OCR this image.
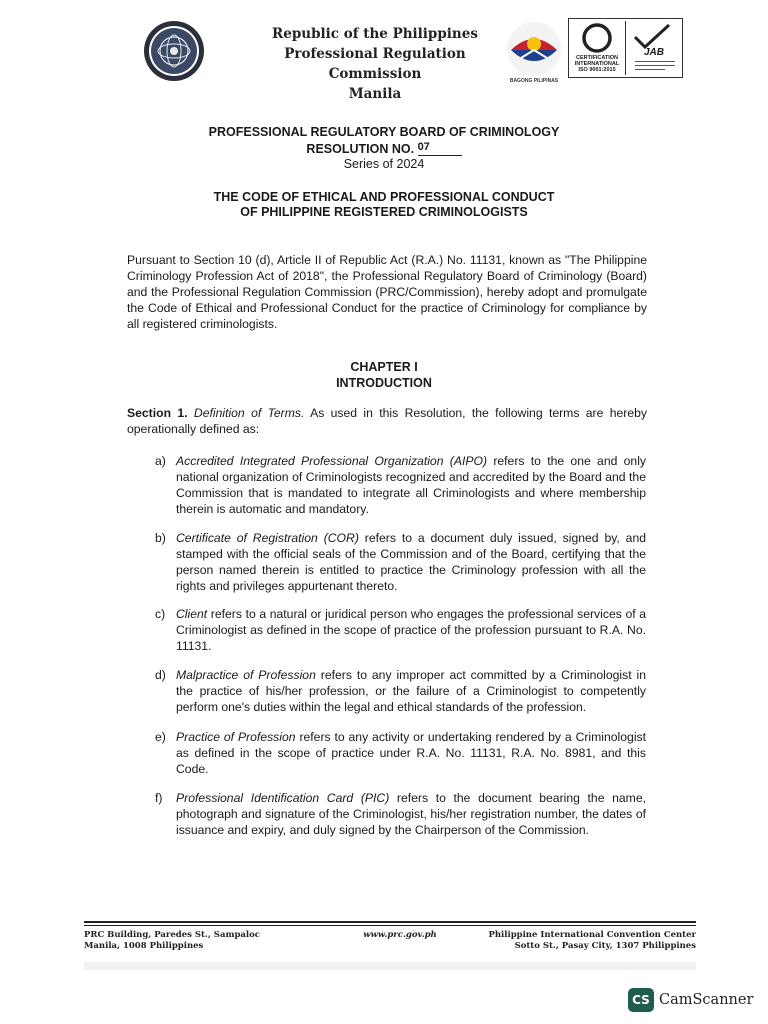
Republic of the Philippines
Professional Regulation Commission
Manila
BAGONG PILIPINAS
CERTIFICATION
INTERNATIONAL
ISO 9001:2015
JAB
PROFESSIONAL REGULATORY BOARD OF CRIMINOLOGY
RESOLUTION NO. 07
Series of 2024
THE CODE OF ETHICAL AND PROFESSIONAL CONDUCT
OF PHILIPPINE REGISTERED CRIMINOLOGISTS
Pursuant to Section 10 (d), Article II of Republic Act (R.A.) No. 11131, known as "The Philippine Criminology Profession Act of 2018", the Professional Regulatory Board of Criminology (Board) and the Professional Regulation Commission (PRC/Commission), hereby adopt and promulgate the Code of Ethical and Professional Conduct for the practice of Criminology for compliance by all registered criminologists.
CHAPTER I
INTRODUCTION
Section 1. Definition of Terms. As used in this Resolution, the following terms are hereby operationally defined as:
a) Accredited Integrated Professional Organization (AIPO) refers to the one and only national organization of Criminologists recognized and accredited by the Board and the Commission that is mandated to integrate all Criminologists and where membership therein is automatic and mandatory.
b) Certificate of Registration (COR) refers to a document duly issued, signed by, and stamped with the official seals of the Commission and of the Board, certifying that the person named therein is entitled to practice the Criminology profession with all the rights and privileges appurtenant thereto.
c) Client refers to a natural or juridical person who engages the professional services of a Criminologist as defined in the scope of practice of the profession pursuant to R.A. No. 11131.
d) Malpractice of Profession refers to any improper act committed by a Criminologist in the practice of his/her profession, or the failure of a Criminologist to competently perform one's duties within the legal and ethical standards of the profession.
e) Practice of Profession refers to any activity or undertaking rendered by a Criminologist as defined in the scope of practice under R.A. No. 11131, R.A. No. 8981, and this Code.
f) Professional Identification Card (PIC) refers to the document bearing the name, photograph and signature of the Criminologist, his/her registration number, the dates of issuance and expiry, and duly signed by the Chairperson of the Commission.
PRC Building, Paredes St., Sampaloc
Manila, 1008 Philippines
www.prc.gov.ph	Philippine International Convention Center
Sotto St., Pasay City, 1307 Philippines
CS CamScanner
